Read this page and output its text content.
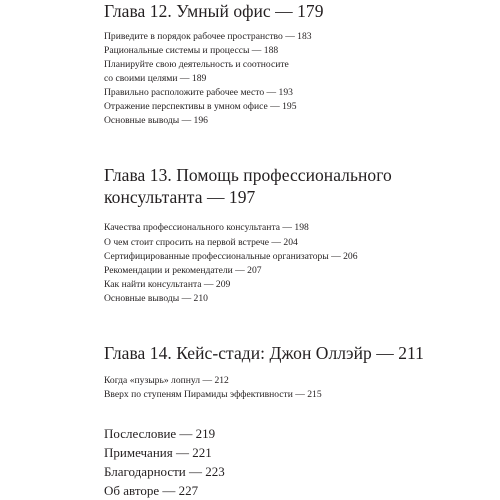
Глава 12. Умный офис — 179

Приведите в порядок рабочее пространство — 183

Рациональные системы и процессы — 188

Планируйте свою деятельность и соотносите

со своими целями — 189

Правильно расположите рабочее место — 193

Отражение перспективы в умном офисе — 195

Основные выводы — 196

Глава 13. Помощь профессионального
консультанта — 197

Качества профессионального консультанта — 198

О чем стоит спросить на первой встрече — 204

Сертифицированные профессиональные организаторы — 206

Рекомендации и рекомендатели — 207

Как найти консультанта — 209

Основные выводы — 210

Глава 14. Кейс-стади: Джон Оллэйр — 211

Когда «пузырь» лопнул — 212

Вверх по ступеням Пирамиды эффективности — 215

Послесловие — 219

Примечания — 221

Благодарности — 223

Об авторе — 227
